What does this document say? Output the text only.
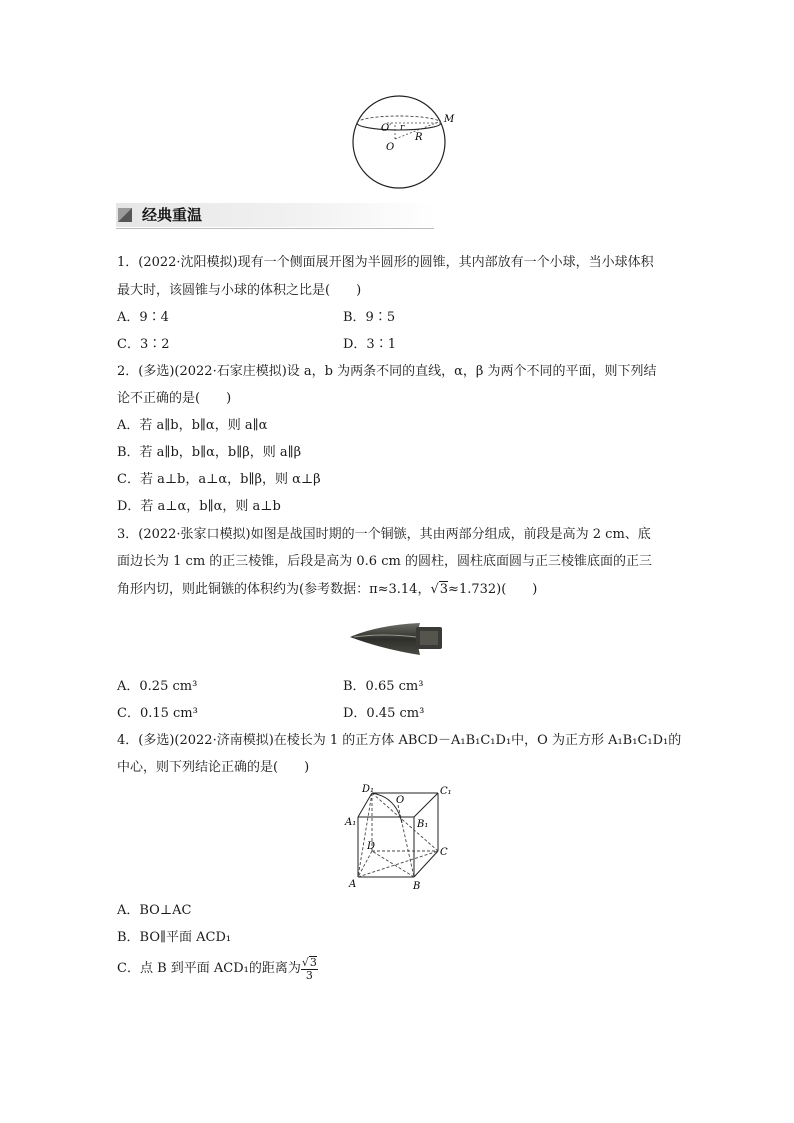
O′ r
M
R
O
经典重温
1．(2022·沈阳模拟)现有一个侧面展开图为半圆形的圆锥，其内部放有一个小球，当小球体积
最大时，该圆锥与小球的体积之比是(　　)
A．9∶4	B．9∶5
C．3∶2	D．3∶1
2．(多选)(2022·石家庄模拟)设 a，b 为两条不同的直线，α，β 为两个不同的平面，则下列结
论不正确的是(　　)
A．若 a∥b，b∥α，则 a∥α
B．若 a∥b，b∥α，b∥β，则 a∥β
C．若 a⊥b，a⊥α，b∥β，则 α⊥β
D．若 a⊥α，b∥α，则 a⊥b
3．(2022·张家口模拟)如图是战国时期的一个铜镞，其由两部分组成，前段是高为 2 cm、底
面边长为 1 cm 的正三棱锥，后段是高为 0.6 cm 的圆柱，圆柱底面圆与正三棱锥底面的正三
角形内切，则此铜镞的体积约为(参考数据：π≈3.14，√3≈1.732)(　　)
A．0.25 cm³	B．0.65 cm³
C．0.15 cm³	D．0.45 cm³
4．(多选)(2022·济南模拟)在棱长为 1 的正方体 ABCD－A₁B₁C₁D₁中，O 为正方形 A₁B₁C₁D₁的
中心，则下列结论正确的是(　　)
D₁
O
C₁
A₁	B₁
D
C
A	B
A．BO⊥AC
B．BO∥平面 ACD₁
C．点 B 到平面 ACD₁的距离为 $\frac{√3}{3}$
